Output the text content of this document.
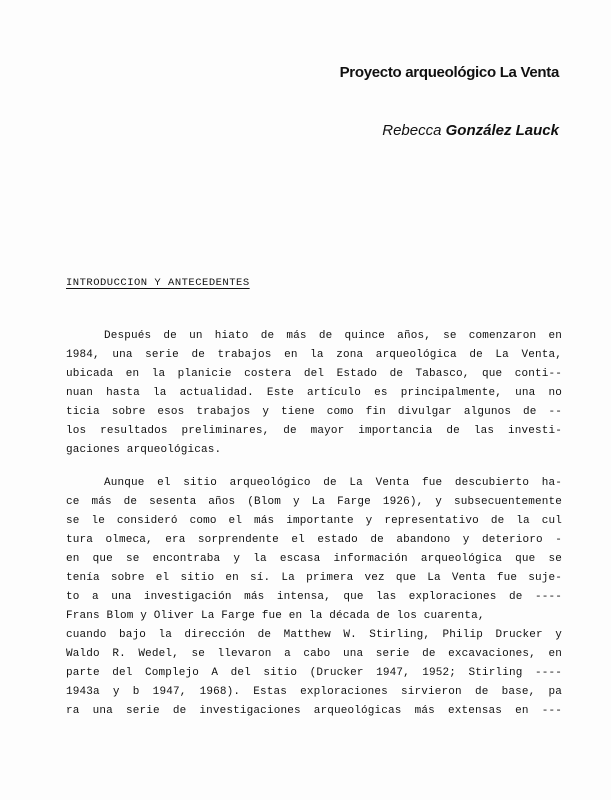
Proyecto arqueológico La Venta
Rebecca González Lauck
INTRODUCCION Y ANTECEDENTES
Después de un hiato de más de quince años, se comenzaron en
1984, una serie de trabajos en la zona arqueológica de La Venta,
ubicada en la planicie costera del Estado de Tabasco, que conti--
nuan hasta la actualidad. Este artículo es principalmente, una no
ticia sobre esos trabajos y tiene como fin divulgar algunos de --
los resultados preliminares, de mayor importancia de las investi-
gaciones arqueológicas.
Aunque el sitio arqueológico de La Venta fue descubierto ha-
ce más de sesenta años (Blom y La Farge 1926), y subsecuentemente
se le consideró como el más importante y representativo de la cul
tura olmeca, era sorprendente el estado de abandono y deterioro -
en que se encontraba y la escasa información arqueológica que se
tenía sobre el sitio en sí. La primera vez que La Venta fue suje-
to a una investigación más intensa, que las exploraciones de ----
Frans Blom y Oliver La Farge fue en la década de los cuarenta,
cuando bajo la dirección de Matthew W. Stirling, Philip Drucker y
Waldo R. Wedel, se llevaron a cabo una serie de excavaciones, en
parte del Complejo A del sitio (Drucker 1947, 1952; Stirling ----
1943a y b 1947, 1968). Estas exploraciones sirvieron de base, pa
ra una serie de investigaciones arqueológicas más extensas en ---
